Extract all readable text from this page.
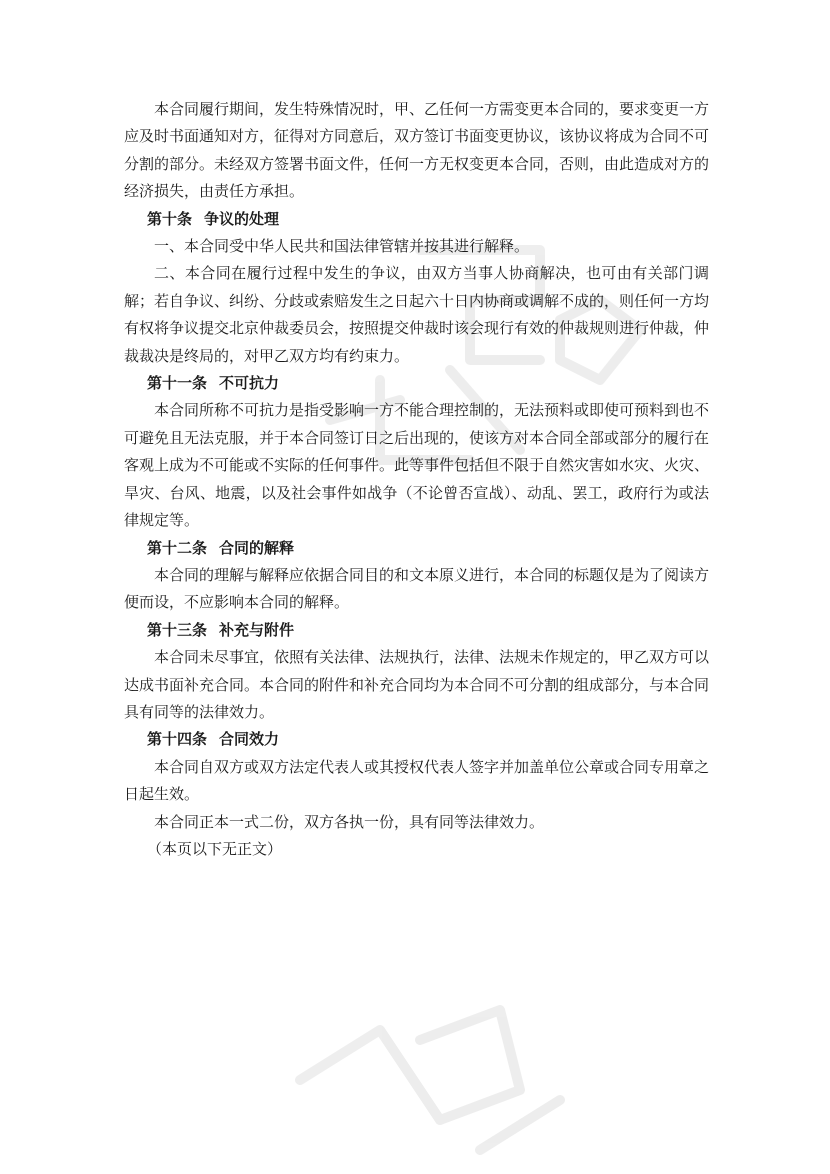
本合同履行期间，发生特殊情况时，甲、乙任何一方需变更本合同的，要求变更一方应及时书面通知对方，征得对方同意后，双方签订书面变更协议，该协议将成为合同不可分割的部分。未经双方签署书面文件，任何一方无权变更本合同，否则，由此造成对方的经济损失，由责任方承担。

第十条 争议的处理

一、本合同受中华人民共和国法律管辖并按其进行解释。

二、本合同在履行过程中发生的争议，由双方当事人协商解决，也可由有关部门调解；若自争议、纠纷、分歧或索赔发生之日起六十日内协商或调解不成的，则任何一方均有权将争议提交北京仲裁委员会，按照提交仲裁时该会现行有效的仲裁规则进行仲裁，仲裁裁决是终局的，对甲乙双方均有约束力。

第十一条 不可抗力

本合同所称不可抗力是指受影响一方不能合理控制的，无法预料或即使可预料到也不可避免且无法克服，并于本合同签订日之后出现的，使该方对本合同全部或部分的履行在客观上成为不可能或不实际的任何事件。此等事件包括但不限于自然灾害如水灾、火灾、旱灾、台风、地震，以及社会事件如战争（不论曾否宣战）、动乱、罢工，政府行为或法律规定等。

第十二条 合同的解释

本合同的理解与解释应依据合同目的和文本原义进行，本合同的标题仅是为了阅读方便而设，不应影响本合同的解释。

第十三条 补充与附件

本合同未尽事宜，依照有关法律、法规执行，法律、法规未作规定的，甲乙双方可以达成书面补充合同。本合同的附件和补充合同均为本合同不可分割的组成部分，与本合同具有同等的法律效力。

第十四条 合同效力

本合同自双方或双方法定代表人或其授权代表人签字并加盖单位公章或合同专用章之日起生效。

本合同正本一式二份，双方各执一份，具有同等法律效力。

（本页以下无正文）
